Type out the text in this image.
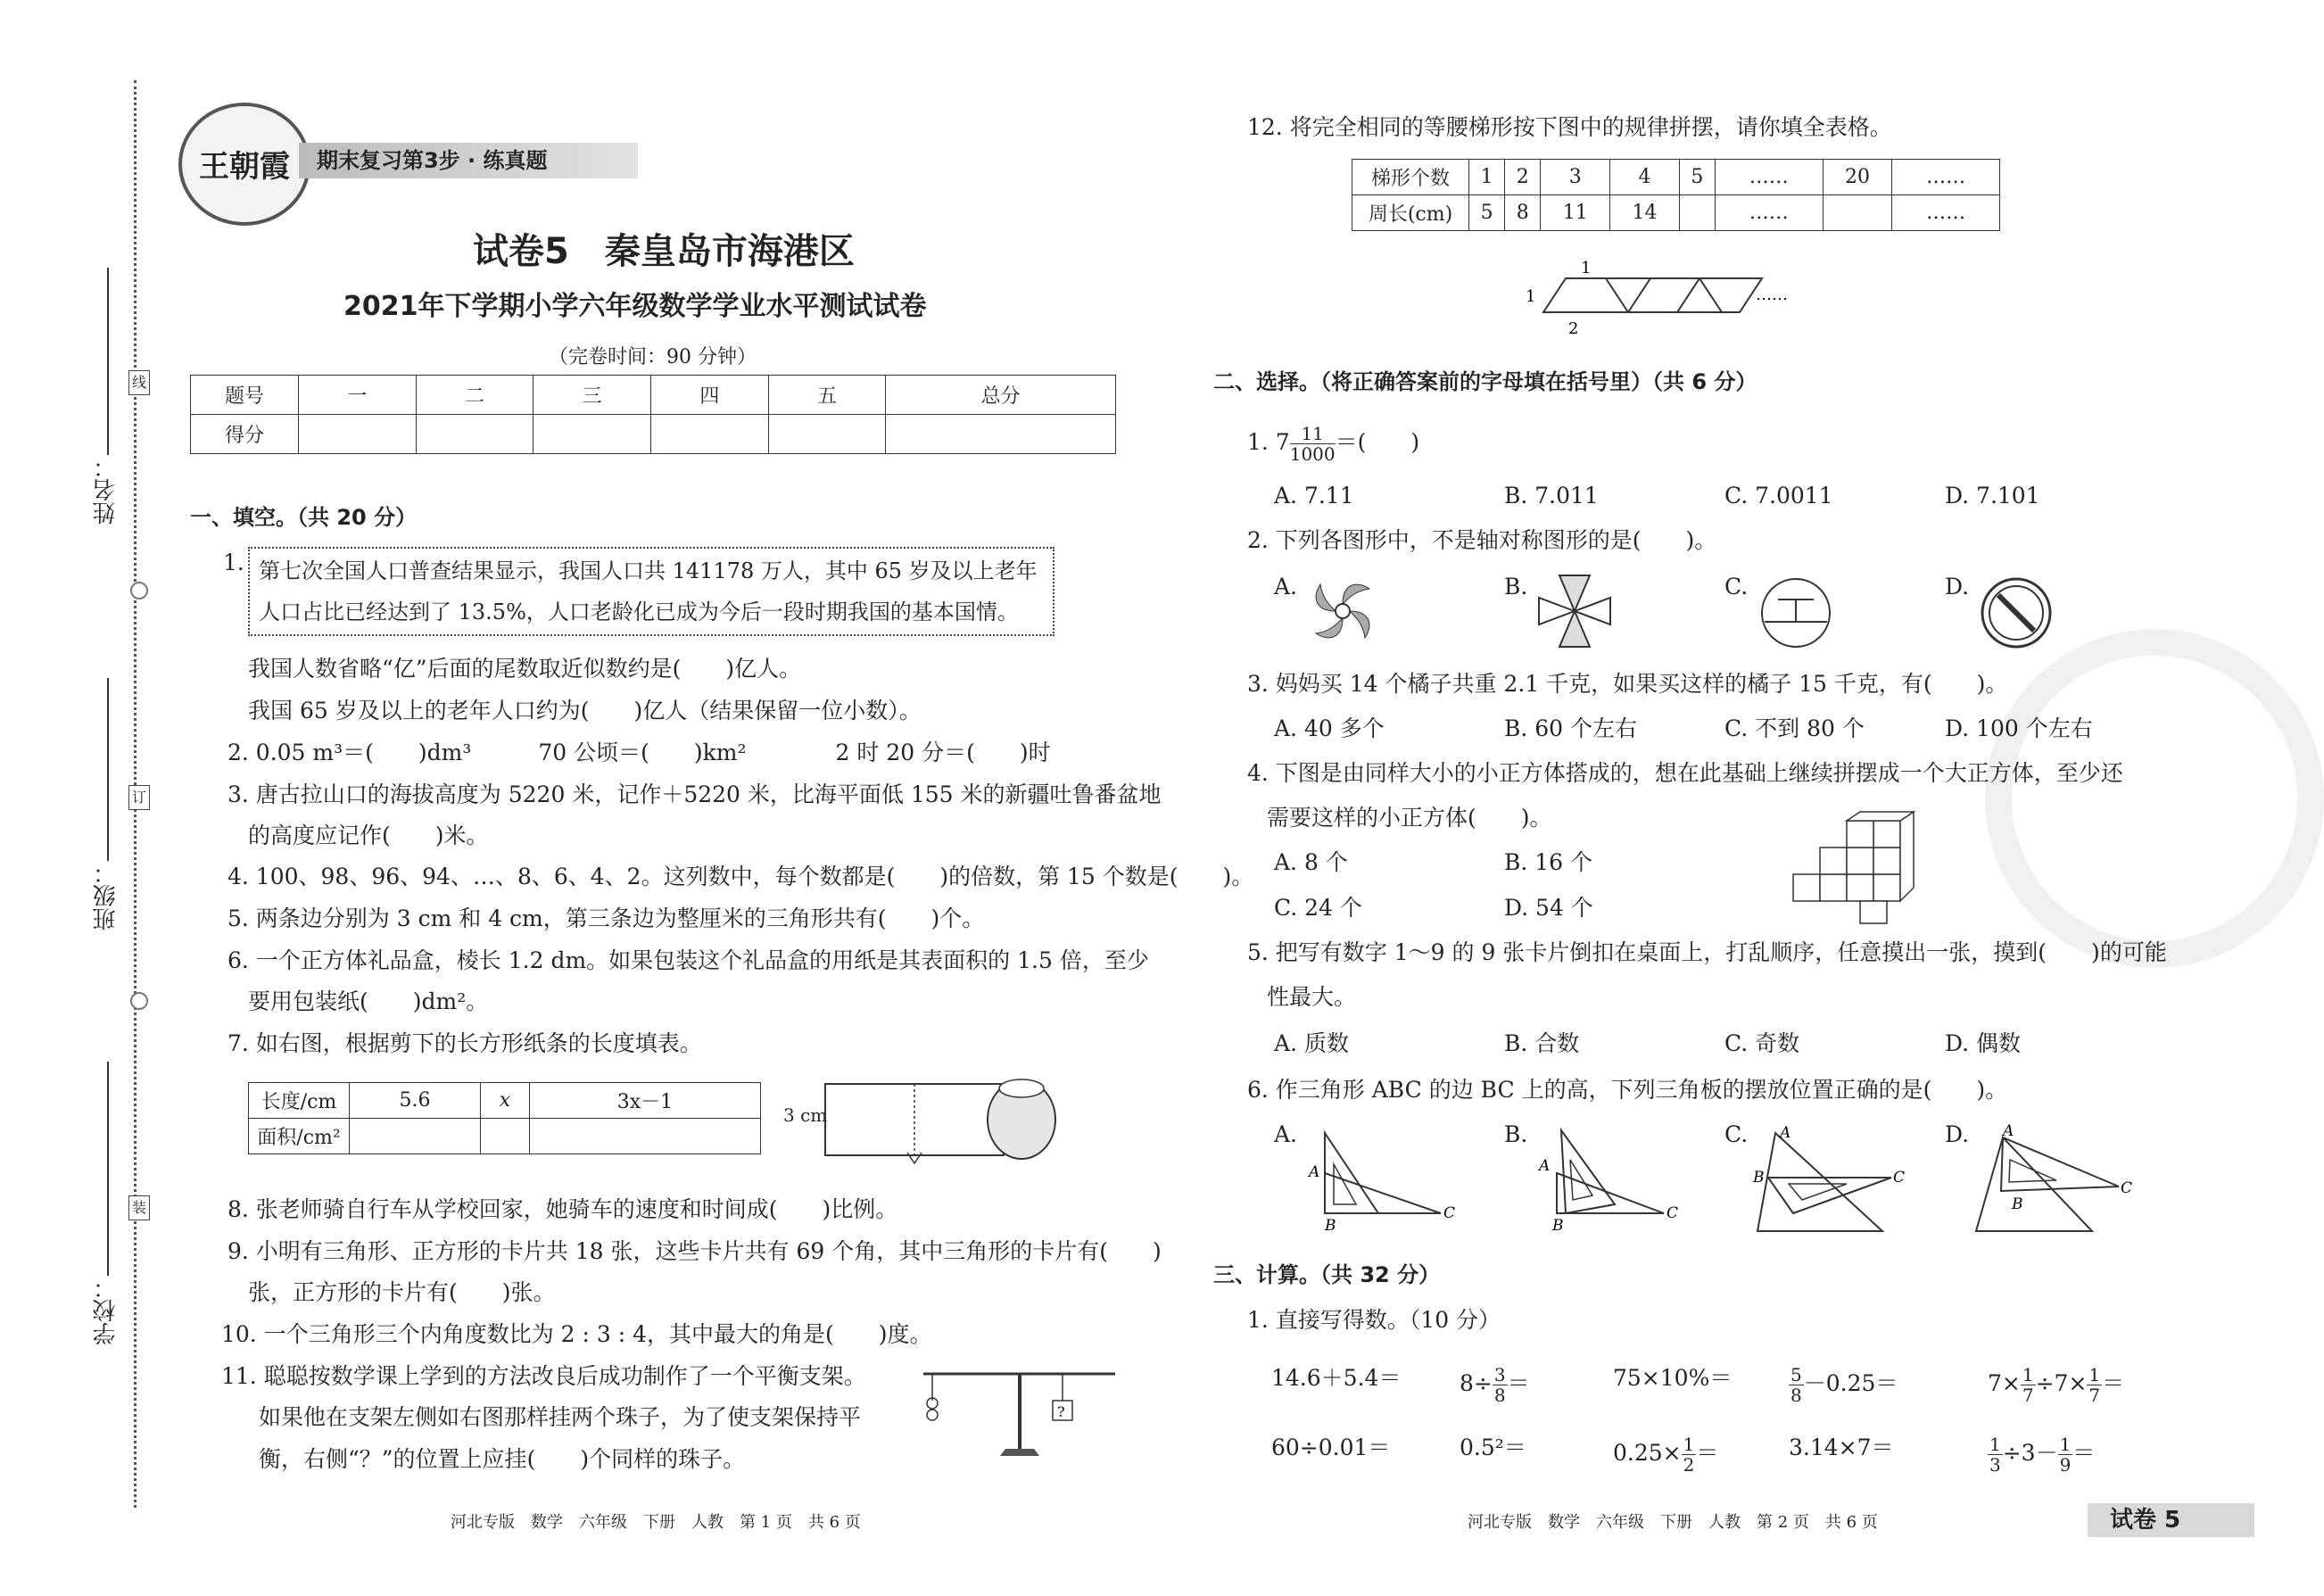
姓名：
班级：
学校：
线
订
装
王朝霞	期末复习第3步 · 练真题
试卷5　秦皇岛市海港区
2021年下学期小学六年级数学学业水平测试试卷
（完卷时间：90 分钟）
题号	一	二	三	四	五	总分
得分						
一、填空。（共 20 分）
1. 第七次全国人口普查结果显示，我国人口共 141178 万人，其中 65 岁及以上老年
人口占比已经达到了 13.5%，人口老龄化已成为今后一段时期我国的基本国情。
我国人数省略“亿”后面的尾数取近似数约是(　　)亿人。
我国 65 岁及以上的老年人口约为(　　)亿人（结果保留一位小数）。
2. 0.05 m³＝(　　)dm³　　　70 公顷＝(　　)km²　　　　2 时 20 分＝(　　)时
3. 唐古拉山口的海拔高度为 5220 米，记作＋5220 米，比海平面低 155 米的新疆吐鲁番盆地
的高度应记作(　　)米。
4. 100、98、96、94、…、8、6、4、2。这列数中，每个数都是(　　)的倍数，第 15 个数是(　　)。
5. 两条边分别为 3 cm 和 4 cm，第三条边为整厘米的三角形共有(　　)个。
6. 一个正方体礼品盒，棱长 1.2 dm。如果包装这个礼品盒的用纸是其表面积的 1.5 倍，至少
要用包装纸(　　)dm²。
7. 如右图，根据剪下的长方形纸条的长度填表。
长度/cm	5.6	x	3x－1
面积/cm²			
3 cm
8. 张老师骑自行车从学校回家，她骑车的速度和时间成(　　)比例。
9. 小明有三角形、正方形的卡片共 18 张，这些卡片共有 69 个角，其中三角形的卡片有(　　)
张，正方形的卡片有(　　)张。
10. 一个三角形三个内角度数比为 2 : 3 : 4，其中最大的角是(　　)度。
11. 聪聪按数学课上学到的方法改良后成功制作了一个平衡支架。
如果他在支架左侧如右图那样挂两个珠子，为了使支架保持平
衡，右侧“？”的位置上应挂(　　)个同样的珠子。
?
12. 将完全相同的等腰梯形按下图中的规律拼摆，请你填全表格。
梯形个数	1	2	3	4	5	……	20	……
周长(cm)	5	8	11	14		……		……
1
1
2
……
二、选择。（将正确答案前的字母填在括号里）（共 6 分）
1. $7 \frac{11}{1000}$ ＝(　　)
A. 7.11	B. 7.011	C. 7.0011	D. 7.101
2. 下列各图形中，不是轴对称图形的是(　　)。
A.	B.	C.	D.
3. 妈妈买 14 个橘子共重 2.1 千克，如果买这样的橘子 15 千克，有(　　)。
A. 40 多个	B. 60 个左右	C. 不到 80 个	D. 100 个左右
4. 下图是由同样大小的小正方体搭成的，想在此基础上继续拼摆成一个大正方体，至少还
需要这样的小正方体(　　)。
A. 8 个	B. 16 个
C. 24 个	D. 54 个
5. 把写有数字 1～9 的 9 张卡片倒扣在桌面上，打乱顺序，任意摸出一张，摸到(　　)的可能
性最大。
A. 质数	B. 合数	C. 奇数	D. 偶数
6. 作三角形 ABC 的边 BC 上的高，下列三角板的摆放位置正确的是(　　)。
A.	B.	C.	D.
A
B
C
A
B
C
A
B	C
A
B
C
三、计算。（共 32 分）
1. 直接写得数。（10 分）
14.6＋5.4＝	$8\div \frac{3}{8}$ ＝	75×10%＝	$\frac{5}{8} -0.25=$	$7\times \frac{1}{7} \div 7\times \frac{1}{7}$ ＝
60÷0.01＝	0.5²＝	$0.25\times \frac{1}{2}$ ＝	3.14×7＝	$\frac{1}{3} \div 3- \frac{1}{9}$ ＝
河北专版　数学　六年级　下册　人教　第 1 页　共 6 页	河北专版　数学　六年级　下册　人教　第 2 页　共 6 页	试卷 5
